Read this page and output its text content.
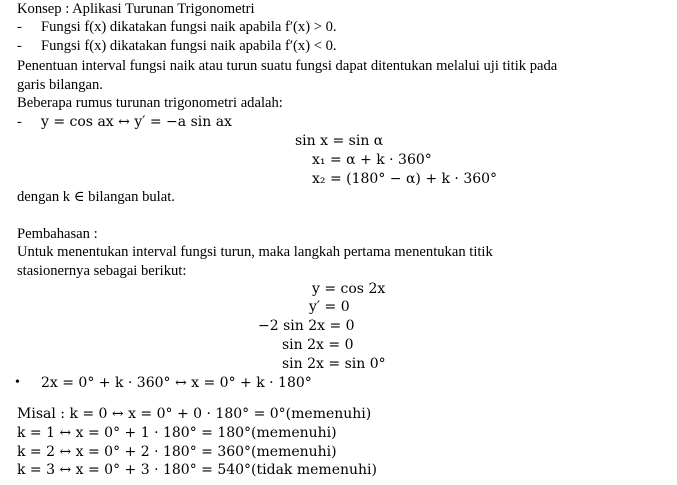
Konsep : Aplikasi Turunan Trigonometri
- Fungsi f(x) dikatakan fungsi naik apabila f′(x) > 0.
- Fungsi f(x) dikatakan fungsi naik apabila f′(x) < 0.
Penentuan interval fungsi naik atau turun suatu fungsi dapat ditentukan melalui uji titik pada
garis bilangan.
Beberapa rumus turunan trigonometri adalah:
- y = cos ax ↔ y′ = −a sin ax
sin x = sin α
x₁ = α + k · 360°
x₂ = (180° − α) + k · 360°
dengan k ∈ bilangan bulat.
Pembahasan :
Untuk menentukan interval fungsi turun, maka langkah pertama menentukan titik
stasionernya sebagai berikut:
y = cos 2x
y′ = 0
−2 sin 2x = 0
sin 2x = 0
sin 2x = sin 0°
• 2x = 0° + k · 360° ↔ x = 0° + k · 180°
Misal : k = 0 ↔ x = 0° + 0 · 180° = 0°(memenuhi)
k = 1 ↔ x = 0° + 1 · 180° = 180°(memenuhi)
k = 2 ↔ x = 0° + 2 · 180° = 360°(memenuhi)
k = 3 ↔ x = 0° + 3 · 180° = 540°(tidak memenuhi)
